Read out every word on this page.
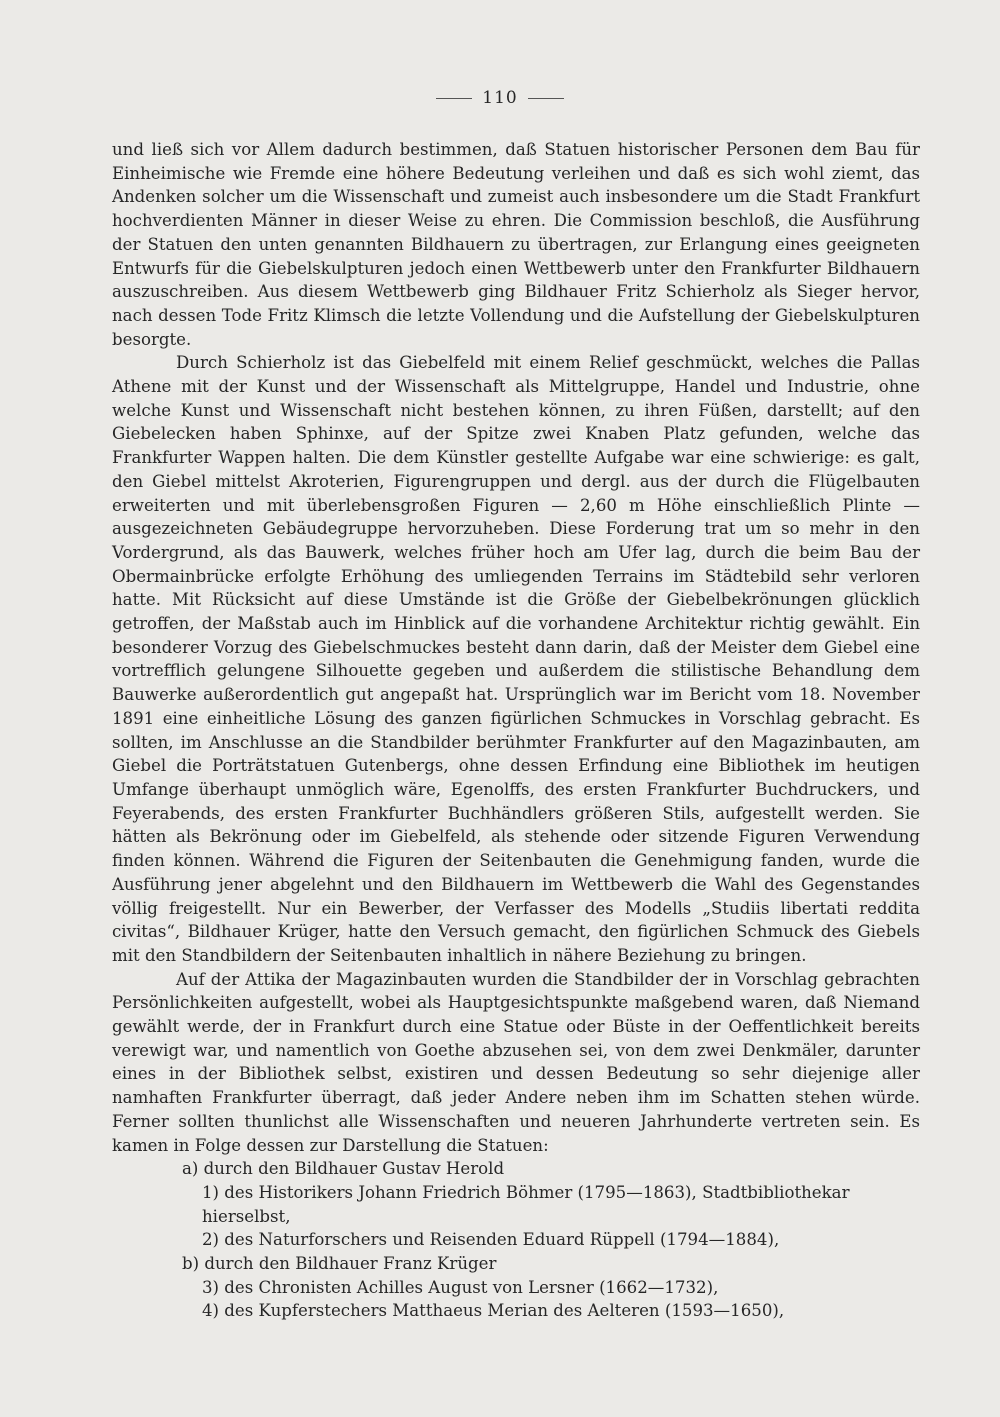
110

und ließ sich vor Allem dadurch bestimmen, daß Statuen historischer Personen dem Bau für Einheimische wie Fremde eine höhere Bedeutung verleihen und daß es sich wohl ziemt, das Andenken solcher um die Wissenschaft und zumeist auch insbesondere um die Stadt Frankfurt hochverdienten Männer in dieser Weise zu ehren. Die Commission beschloß, die Ausführung der Statuen den unten genannten Bildhauern zu übertragen, zur Erlangung eines geeigneten Entwurfs für die Giebelskulpturen jedoch einen Wettbewerb unter den Frankfurter Bildhauern auszuschreiben. Aus diesem Wettbewerb ging Bildhauer Fritz Schierholz als Sieger hervor, nach dessen Tode Fritz Klimsch die letzte Vollendung und die Aufstellung der Giebelskulpturen besorgte.

Durch Schierholz ist das Giebelfeld mit einem Relief geschmückt, welches die Pallas Athene mit der Kunst und der Wissenschaft als Mittelgruppe, Handel und Industrie, ohne welche Kunst und Wissenschaft nicht bestehen können, zu ihren Füßen, darstellt; auf den Giebelecken haben Sphinxe, auf der Spitze zwei Knaben Platz gefunden, welche das Frankfurter Wappen halten. Die dem Künstler gestellte Aufgabe war eine schwierige: es galt, den Giebel mittelst Akroterien, Figurengruppen und dergl. aus der durch die Flügelbauten erweiterten und mit überlebensgroßen Figuren — 2,60 m Höhe einschließlich Plinte — ausgezeichneten Gebäudegruppe hervorzuheben. Diese Forderung trat um so mehr in den Vordergrund, als das Bauwerk, welches früher hoch am Ufer lag, durch die beim Bau der Obermainbrücke erfolgte Erhöhung des umliegenden Terrains im Städtebild sehr verloren hatte. Mit Rücksicht auf diese Umstände ist die Größe der Giebelbekrönungen glücklich getroffen, der Maßstab auch im Hinblick auf die vorhandene Architektur richtig gewählt. Ein besonderer Vorzug des Giebelschmuckes besteht dann darin, daß der Meister dem Giebel eine vortrefflich gelungene Silhouette gegeben und außerdem die stilistische Behandlung dem Bauwerke außerordentlich gut angepaßt hat. Ursprünglich war im Bericht vom 18. November 1891 eine einheitliche Lösung des ganzen figürlichen Schmuckes in Vorschlag gebracht. Es sollten, im Anschlusse an die Standbilder berühmter Frankfurter auf den Magazinbauten, am Giebel die Porträtstatuen Gutenbergs, ohne dessen Erfindung eine Bibliothek im heutigen Umfange überhaupt unmöglich wäre, Egenolffs, des ersten Frankfurter Buchdruckers, und Feyerabends, des ersten Frankfurter Buchhändlers größeren Stils, aufgestellt werden. Sie hätten als Bekrönung oder im Giebelfeld, als stehende oder sitzende Figuren Verwendung finden können. Während die Figuren der Seitenbauten die Genehmigung fanden, wurde die Ausführung jener abgelehnt und den Bildhauern im Wettbewerb die Wahl des Gegenstandes völlig freigestellt. Nur ein Bewerber, der Verfasser des Modells „Studiis libertati reddita civitas“, Bildhauer Krüger, hatte den Versuch gemacht, den figürlichen Schmuck des Giebels mit den Standbildern der Seitenbauten inhaltlich in nähere Beziehung zu bringen.

Auf der Attika der Magazinbauten wurden die Standbilder der in Vorschlag gebrachten Persönlichkeiten aufgestellt, wobei als Hauptgesichtspunkte maßgebend waren, daß Niemand gewählt werde, der in Frankfurt durch eine Statue oder Büste in der Oeffentlichkeit bereits verewigt war, und namentlich von Goethe abzusehen sei, von dem zwei Denkmäler, darunter eines in der Bibliothek selbst, existiren und dessen Bedeutung so sehr diejenige aller namhaften Frankfurter überragt, daß jeder Andere neben ihm im Schatten stehen würde. Ferner sollten thunlichst alle Wissenschaften und neueren Jahrhunderte vertreten sein. Es kamen in Folge dessen zur Darstellung die Statuen:

a) durch den Bildhauer Gustav Herold

1) des Historikers Johann Friedrich Böhmer (1795—1863), Stadtbibliothekar hierselbst,

2) des Naturforschers und Reisenden Eduard Rüppell (1794—1884),

b) durch den Bildhauer Franz Krüger

3) des Chronisten Achilles August von Lersner (1662—1732),

4) des Kupferstechers Matthaeus Merian des Aelteren (1593—1650),
